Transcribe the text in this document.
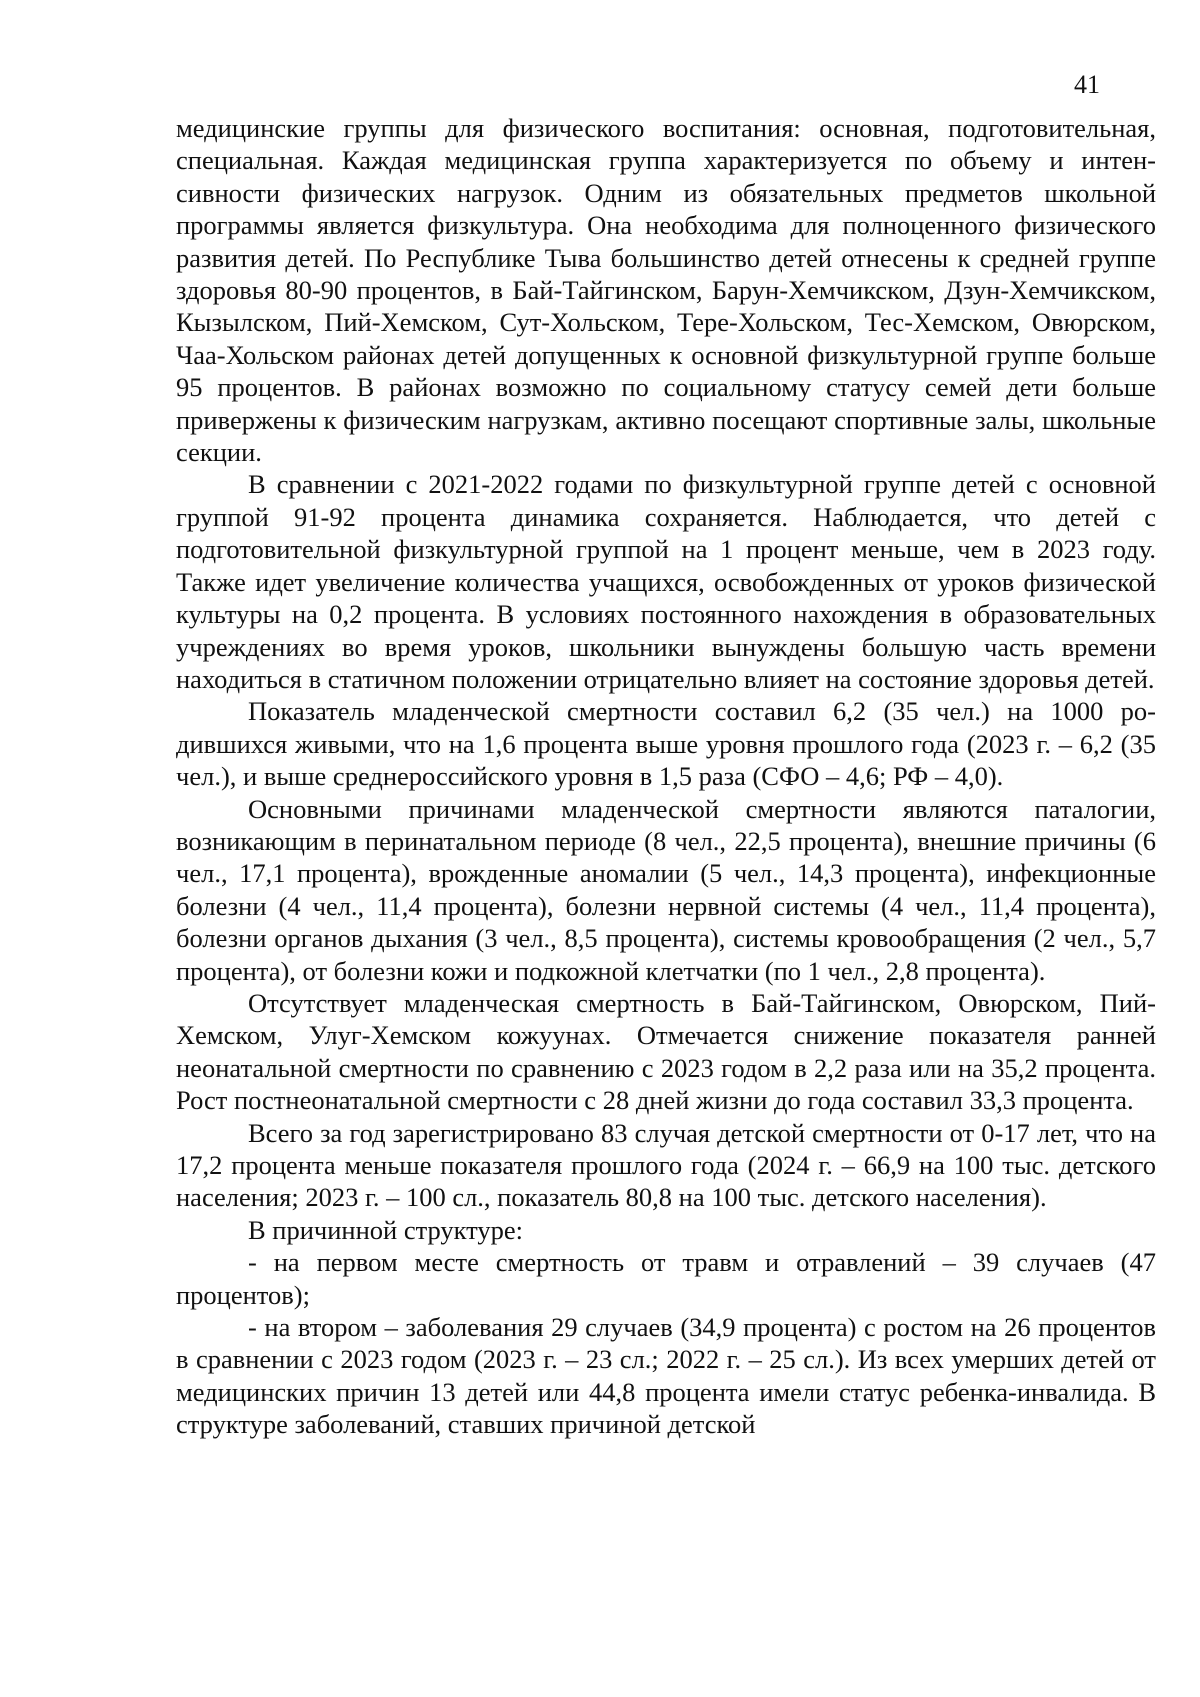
41

медицинские группы для физического воспитания: основная, подготовительная, специальная. Каждая медицинская группа характеризуется по объему и интенсивности физических нагрузок. Одним из обязательных предметов школьной программы является физкультура. Она необходима для полноценного физического развития детей. По Республике Тыва большинство детей отнесены к средней группе здоровья 80-90 процентов, в Бай-Тайгинском, Барун-Хемчикском, Дзун-Хемчикском, Кызылском, Пий-Хемском, Сут-Хольском, Тере-Хольском, Тес-Хемском, Овюрском, Чаа-Хольском районах детей допущенных к основной физкультурной группе больше 95 процентов. В районах возможно по социальному статусу семей дети больше привержены к физическим нагрузкам, активно посещают спортивные залы, школьные секции.

В сравнении с 2021-2022 годами по физкультурной группе детей с основной группой 91-92 процента динамика сохраняется. Наблюдается, что детей с подготовительной физкультурной группой на 1 процент меньше, чем в 2023 году. Также идет увеличение количества учащихся, освобожденных от уроков физической культуры на 0,2 процента. В условиях постоянного нахождения в образовательных учреждениях во время уроков, школьники вынуждены большую часть времени находиться в статичном положении отрицательно влияет на состояние здоровья детей.

Показатель младенческой смертности составил 6,2 (35 чел.) на 1000 родившихся живыми, что на 1,6 процента выше уровня прошлого года (2023 г. – 6,2 (35 чел.), и выше среднероссийского уровня в 1,5 раза (СФО – 4,6; РФ – 4,0).

Основными причинами младенческой смертности являются паталогии, возникающим в перинатальном периоде (8 чел., 22,5 процента), внешние причины (6 чел., 17,1 процента), врожденные аномалии (5 чел., 14,3 процента), инфекционные болезни (4 чел., 11,4 процента), болезни нервной системы (4 чел., 11,4 процента), болезни органов дыхания (3 чел., 8,5 процента), системы кровообращения (2 чел., 5,7 процента), от болезни кожи и подкожной клетчатки (по 1 чел., 2,8 процента).

Отсутствует младенческая смертность в Бай-Тайгинском, Овюрском, Пий-Хемском, Улуг-Хемском кожуунах. Отмечается снижение показателя ранней неонатальной смертности по сравнению с 2023 годом в 2,2 раза или на 35,2 процента. Рост постнеонатальной смертности с 28 дней жизни до года составил 33,3 процента.

Всего за год зарегистрировано 83 случая детской смертности от 0-17 лет, что на 17,2 процента меньше показателя прошлого года (2024 г. – 66,9 на 100 тыс. детского населения; 2023 г. – 100 сл., показатель 80,8 на 100 тыс. детского населения).

В причинной структуре:

- на первом месте смертность от травм и отравлений – 39 случаев (47 процентов);

- на втором – заболевания 29 случаев (34,9 процента) с ростом на 26 процентов в сравнении с 2023 годом (2023 г. – 23 сл.; 2022 г. – 25 сл.). Из всех умерших детей от медицинских причин 13 детей или 44,8 процента имели статус ребенка-инвалида. В структуре заболеваний, ставших причиной детской
